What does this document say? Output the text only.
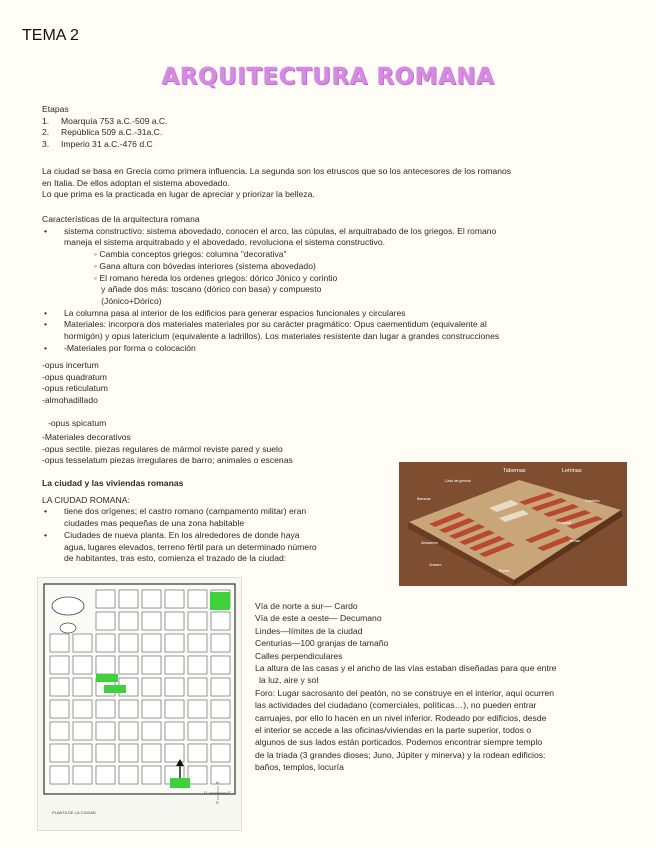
TEMA 2
ARQUITECTURA ROMANA
Etapas
1. Moarquía 753 a.C.-509 a.C.
2. República 509 a.C.-31a.C.
3. Imperio 31 a.C.-476 d.C
La ciudad se basa en Grecia como primera influencia. La segunda son los etruscos que so los antecesores de los romanos
en Italia. De ellos adoptan el sistema abovedado.
Lo que prima es la practicada en lugar de apreciar y priorizar la belleza.
Características de la arquitectura romana
• sistema constructivo: sistema abovedado, conocen el arco, las cúpulas, el arquitrabado de los griegos. El romano
maneja el sistema arquitrabado y el abovedado, revoluciona el sistema constructivo.
◦ Cambia conceptos griegos: columna "decorativa"
◦ Gana altura con bóvedas interiores (sistema abovedado)
◦ El romano hereda los ordenes griegos: dórico Jónico y corintio
y añade dos más: toscano (dórico con basa) y compuesto
(Jónico+Dórico)
• La columna pasa al interior de los edificios para generar espacios funcionales y circulares
• Materiales: incorpora dos materiales materiales por su carácter pragmático: Opus caementidum (equivalente al
hormigón) y opus latericium (equivalente a ladrillos). Los materiales resistente dan lugar a grandes construcciones
• -Materiales por forma o colocación
-opus incertum
-opus quadratum
-opus reticulatum
-almohadillado
-opus spicatum
-Materiales decorativos
-opus sectile. piezas regulares de mármol reviste pared y suelo
-opus tesselatum piezas irregulares de barro; animales o escenas
La ciudad y las viviendas romanas
LA CIUDAD ROMANA:
• tiene dos orígenes; el castro romano (campamento militar) eran
ciudades mas pequeñas de una zona habitable
• Ciudades de nueva planta. En los alrededores de donde haya
agua, lugares elevados, terreno fértil para un determinado número
de habitantes, tras esto, comienza el trazado de la ciudad:
Tabernas	Letrinas
Casa del general
Barracas
Hospital
Termas
Almacenes
Granero
Cuarteles
Puerta
PLANTA DE LA CIUDAD
N
S
E
O
Vía de norte a sur— Cardo
Vía de este a oeste— Decumano
Lindes—límites de la ciudad
Centurias—100 granjas de tamaño
Calles perpendiculares
La altura de las casas y el ancho de las vías estaban diseñadas para que entre
la luz, aire y sol
Foro: Lugar sacrosanto del peatón, no se construye en el interior, aquí ocurren
las actividades del ciudadano (comerciales, políticas…), no pueden entrar
carruajes, por ello lo hacen en un nivel inferior. Rodeado por edificios, desde
el interior se accede a las oficinas/viviendas en la parte superior, todos o
algunos de sus lados están porticados. Podemos encontrar siempre templo
de la triada (3 grandes dioses; Juno, Júpiter y minerva) y la rodean edificios:
baños, templos, locuría
